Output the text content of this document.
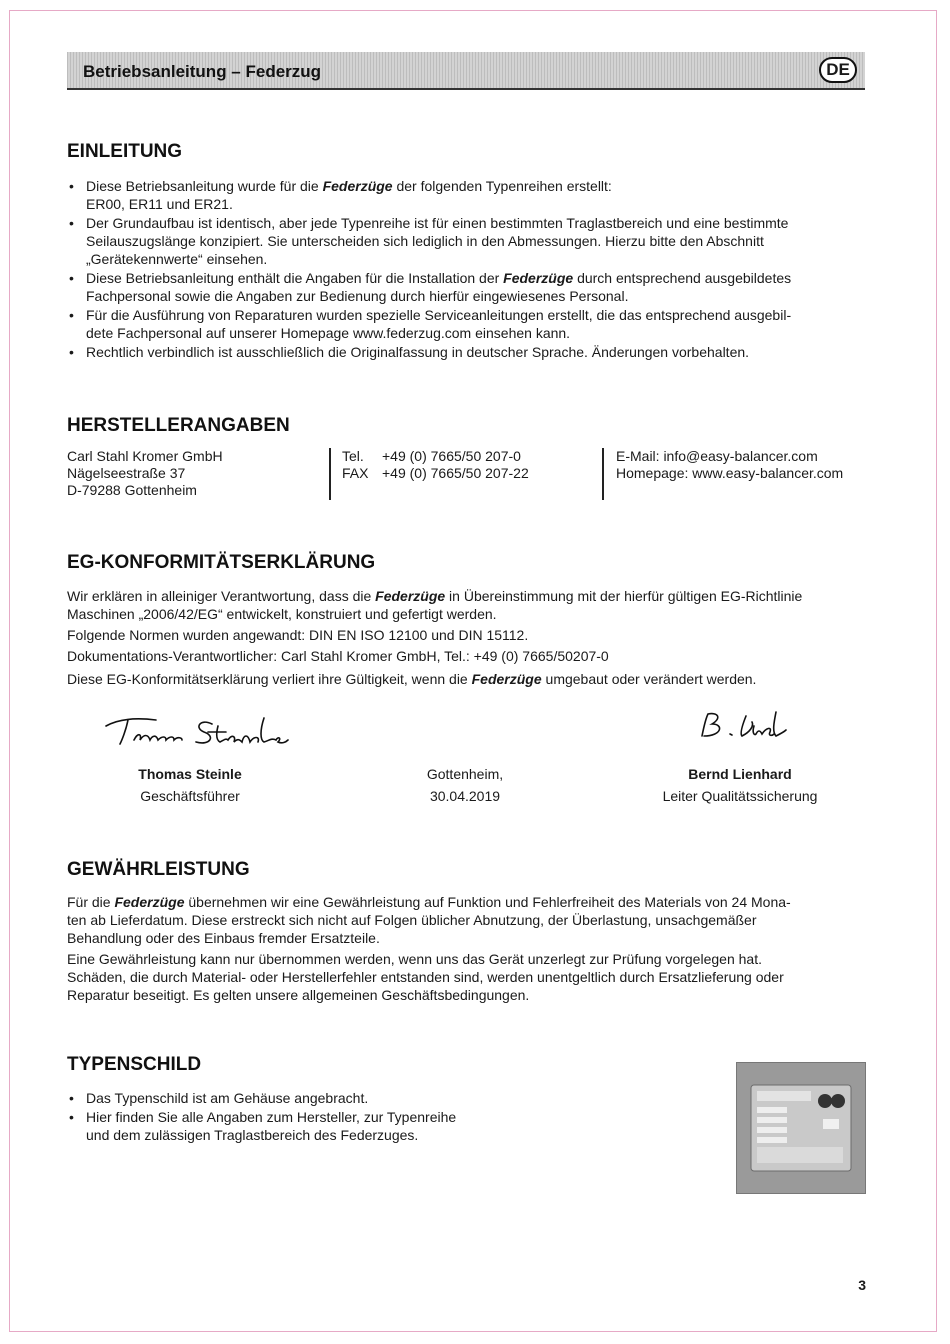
Betriebsanleitung – Federzug	DE
EINLEITUNG
• Diese Betriebsanleitung wurde für die Federzüge der folgenden Typenreihen erstellt:
ER00, ER11 und ER21.
• Der Grundaufbau ist identisch, aber jede Typenreihe ist für einen bestimmten Traglastbereich und eine bestimmte
Seilauszugslänge konzipiert. Sie unterscheiden sich lediglich in den Abmessungen. Hierzu bitte den Abschnitt
„Gerätekennwerte“ einsehen.
• Diese Betriebsanleitung enthält die Angaben für die Installation der Federzüge durch entsprechend ausgebildetes
Fachpersonal sowie die Angaben zur Bedienung durch hierfür eingewiesenes Personal.
• Für die Ausführung von Reparaturen wurden spezielle Serviceanleitungen erstellt, die das entsprechend ausgebil-
dete Fachpersonal auf unserer Homepage www.federzug.com einsehen kann.
• Rechtlich verbindlich ist ausschließlich die Originalfassung in deutscher Sprache. Änderungen vorbehalten.
HERSTELLERANGABEN
Carl Stahl Kromer GmbH
Nägelseestraße 37
D-79288 Gottenheim
Tel. +49 (0) 7665/50 207-0
FAX +49 (0) 7665/50 207-22
E-Mail: info@easy-balancer.com
Homepage: www.easy-balancer.com
EG-KONFORMITÄTSERKLÄRUNG
Wir erklären in alleiniger Verantwortung, dass die Federzüge in Übereinstimmung mit der hierfür gültigen EG-Richtlinie
Maschinen „2006/42/EG“ entwickelt, konstruiert und gefertigt werden.
Folgende Normen wurden angewandt: DIN EN ISO 12100 und DIN 15112.
Dokumentations-Verantwortlicher: Carl Stahl Kromer GmbH, Tel.: +49 (0) 7665/50207-0
Diese EG-Konformitätserklärung verliert ihre Gültigkeit, wenn die Federzüge umgebaut oder verändert werden.
Thomas Steinle
Geschäftsführer
Gottenheim,
30.04.2019
Bernd Lienhard
Leiter Qualitätssicherung
GEWÄHRLEISTUNG
Für die Federzüge übernehmen wir eine Gewährleistung auf Funktion und Fehlerfreiheit des Materials von 24 Mona-
ten ab Lieferdatum. Diese erstreckt sich nicht auf Folgen üblicher Abnutzung, der Überlastung, unsachgemäßer
Behandlung oder des Einbaus fremder Ersatzteile.
Eine Gewährleistung kann nur übernommen werden, wenn uns das Gerät unzerlegt zur Prüfung vorgelegen hat.
Schäden, die durch Material- oder Herstellerfehler entstanden sind, werden unentgeltlich durch Ersatzlieferung oder
Reparatur beseitigt. Es gelten unsere allgemeinen Geschäftsbedingungen.
TYPENSCHILD
• Das Typenschild ist am Gehäuse angebracht.
• Hier finden Sie alle Angaben zum Hersteller, zur Typenreihe
und dem zulässigen Traglastbereich des Federzuges.
3
